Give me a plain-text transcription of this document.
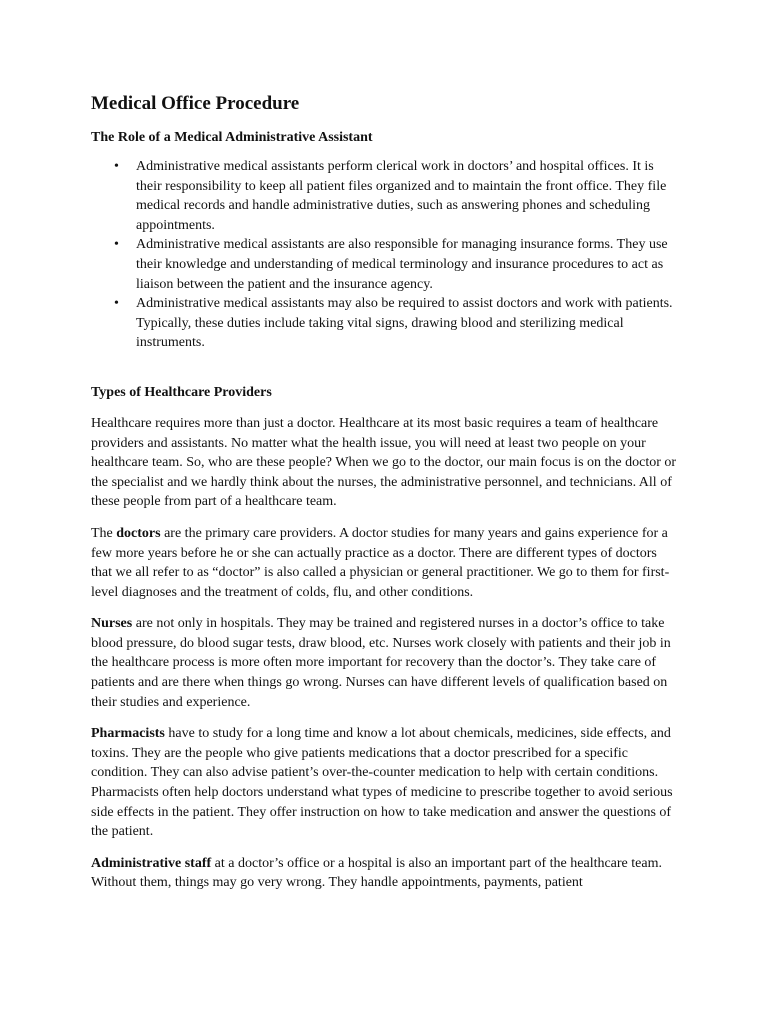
Medical Office Procedure
The Role of a Medical Administrative Assistant
• Administrative medical assistants perform clerical work in doctors’ and hospital offices. It is their responsibility to keep all patient files organized and to maintain the front office. They file medical records and handle administrative duties, such as answering phones and scheduling appointments.
• Administrative medical assistants are also responsible for managing insurance forms. They use their knowledge and understanding of medical terminology and insurance procedures to act as liaison between the patient and the insurance agency.
• Administrative medical assistants may also be required to assist doctors and work with patients. Typically, these duties include taking vital signs, drawing blood and sterilizing medical instruments.
Types of Healthcare Providers

Healthcare requires more than just a doctor. Healthcare at its most basic requires a team of healthcare providers and assistants. No matter what the health issue, you will need at least two people on your healthcare team. So, who are these people? When we go to the doctor, our main focus is on the doctor or the specialist and we hardly think about the nurses, the administrative personnel, and technicians. All of these people from part of a healthcare team.

The doctors are the primary care providers. A doctor studies for many years and gains experience for a few more years before he or she can actually practice as a doctor. There are different types of doctors that we all refer to as “doctor” is also called a physician or general practitioner. We go to them for first-level diagnoses and the treatment of colds, flu, and other conditions.

Nurses are not only in hospitals. They may be trained and registered nurses in a doctor’s office to take blood pressure, do blood sugar tests, draw blood, etc. Nurses work closely with patients and their job in the healthcare process is more often more important for recovery than the doctor’s. They take care of patients and are there when things go wrong. Nurses can have different levels of qualification based on their studies and experience.

Pharmacists have to study for a long time and know a lot about chemicals, medicines, side effects, and toxins. They are the people who give patients medications that a doctor prescribed for a specific condition. They can also advise patient’s over-the-counter medication to help with certain conditions. Pharmacists often help doctors understand what types of medicine to prescribe together to avoid serious side effects in the patient. They offer instruction on how to take medication and answer the questions of the patient.

Administrative staff at a doctor’s office or a hospital is also an important part of the healthcare team. Without them, things may go very wrong. They handle appointments, payments, patient
